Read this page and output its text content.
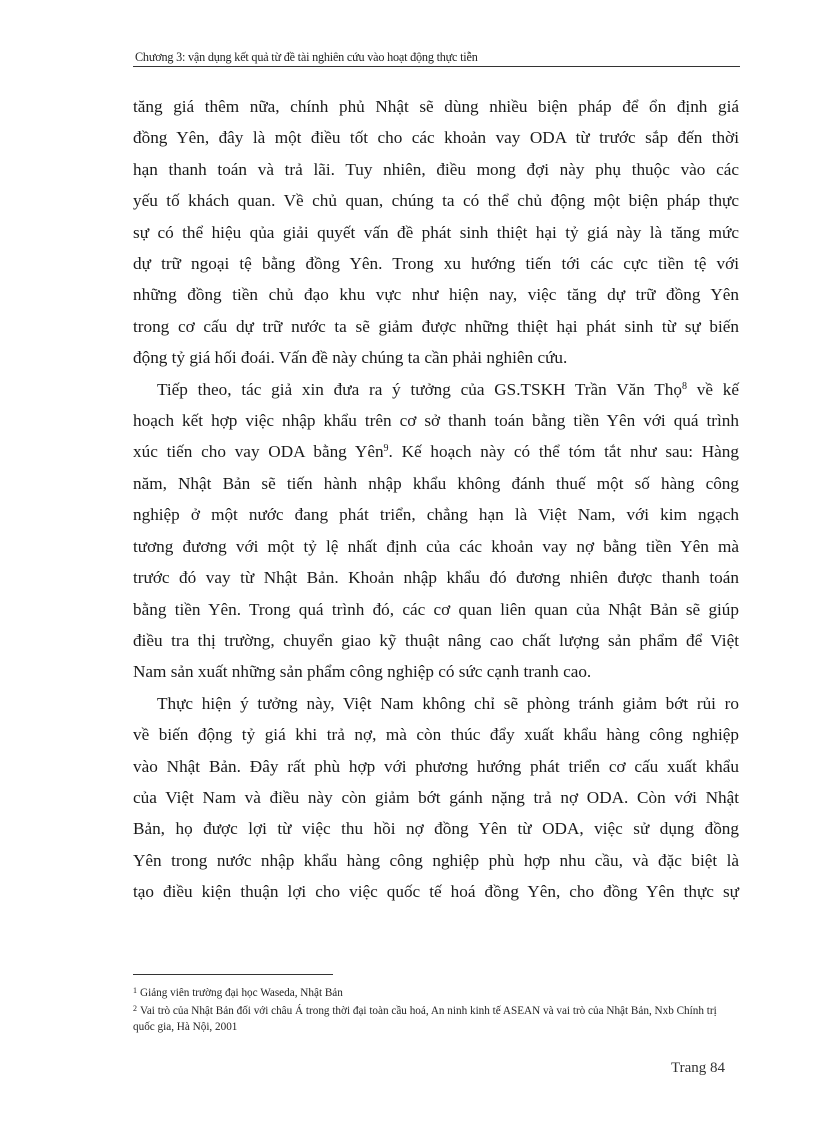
Chương 3: vận dụng kết quả từ đề tài nghiên cứu vào hoạt động thực tiễn
tăng giá thêm nữa, chính phủ Nhật sẽ dùng nhiều biện pháp để ổn định giá
đồng Yên, đây là một điều tốt cho các khoản vay ODA từ trước sắp đến thời
hạn thanh toán và trả lãi. Tuy nhiên, điều mong đợi này phụ thuộc vào các
yếu tố khách quan. Về chủ quan, chúng ta có thể chủ động một biện pháp thực
sự có thể hiệu qủa giải quyết vấn đề phát sinh thiệt hại tỷ giá này là tăng mức
dự trữ ngoại tệ bằng đồng Yên. Trong xu hướng tiến tới các cực tiền tệ với
những đồng tiền chủ đạo khu vực như hiện nay, việc tăng dự trữ đồng Yên
trong cơ cấu dự trữ nước ta sẽ giảm được những thiệt hại phát sinh từ sự biến
động tỷ giá hối đoái. Vấn đề này chúng ta cần phải nghiên cứu.
Tiếp theo, tác giả xin đưa ra ý tưởng của GS.TSKH Trần Văn Thọ$^8$ về kế
hoạch kết hợp việc nhập khẩu trên cơ sở thanh toán bằng tiền Yên với quá trình
xúc tiến cho vay ODA bằng Yên$^9$. Kế hoạch này có thể tóm tắt như sau: Hàng
năm, Nhật Bản sẽ tiến hành nhập khẩu không đánh thuế một số hàng công
nghiệp ở một nước đang phát triển, chẳng hạn là Việt Nam, với kim ngạch
tương đương với một tỷ lệ nhất định của các khoản vay nợ bằng tiền Yên mà
trước đó vay từ Nhật Bản. Khoản nhập khẩu đó đương nhiên được thanh toán
bằng tiền Yên. Trong quá trình đó, các cơ quan liên quan của Nhật Bản sẽ giúp
điều tra thị trường, chuyển giao kỹ thuật nâng cao chất lượng sản phẩm để Việt
Nam sản xuất những sản phẩm công nghiệp có sức cạnh tranh cao.
Thực hiện ý tưởng này, Việt Nam không chỉ sẽ phòng tránh giảm bớt rủi ro
về biến động tỷ giá khi trả nợ, mà còn thúc đẩy xuất khẩu hàng công nghiệp
vào Nhật Bản. Đây rất phù hợp với phương hướng phát triển cơ cấu xuất khẩu
của Việt Nam và điều này còn giảm bớt gánh nặng trả nợ ODA. Còn với Nhật
Bản, họ được lợi từ việc thu hồi nợ đồng Yên từ ODA, việc sử dụng đồng
Yên trong nước nhập khẩu hàng công nghiệp phù hợp nhu cầu, và đặc biệt là
tạo điều kiện thuận lợi cho việc quốc tế hoá đồng Yên, cho đồng Yên thực sự
$^1$ Giảng viên trường đại học Waseda, Nhật Bản
$^2$ Vai trò của Nhật Bản đối với châu Á trong thời đại toàn cầu hoá, An ninh kinh tế ASEAN và vai trò của Nhật Bản, Nxb Chính trị quốc gia, Hà Nội, 2001
Trang 84
